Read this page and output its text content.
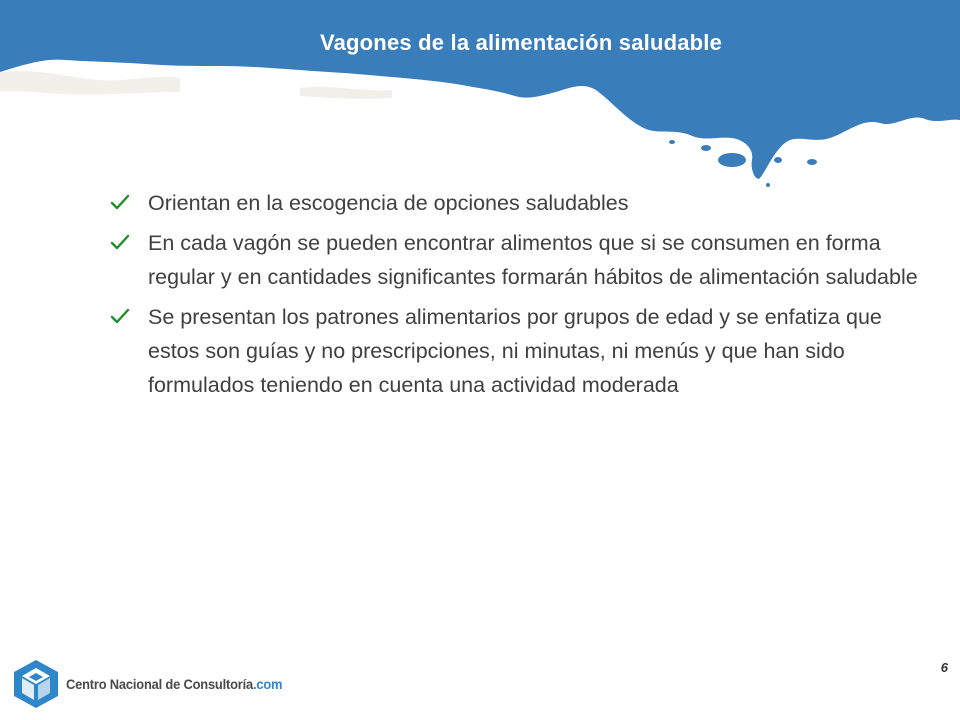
Vagones de la alimentación saludable
Orientan en la escogencia de opciones saludables
En cada vagón se pueden encontrar alimentos que si se consumen en forma regular y en cantidades significantes formarán hábitos de alimentación saludable
Se presentan los patrones alimentarios por grupos de edad y se enfatiza que estos son guías y no prescripciones, ni minutas, ni menús y que han sido formulados teniendo en cuenta una actividad moderada
6
Centro Nacional de Consultoría.com
